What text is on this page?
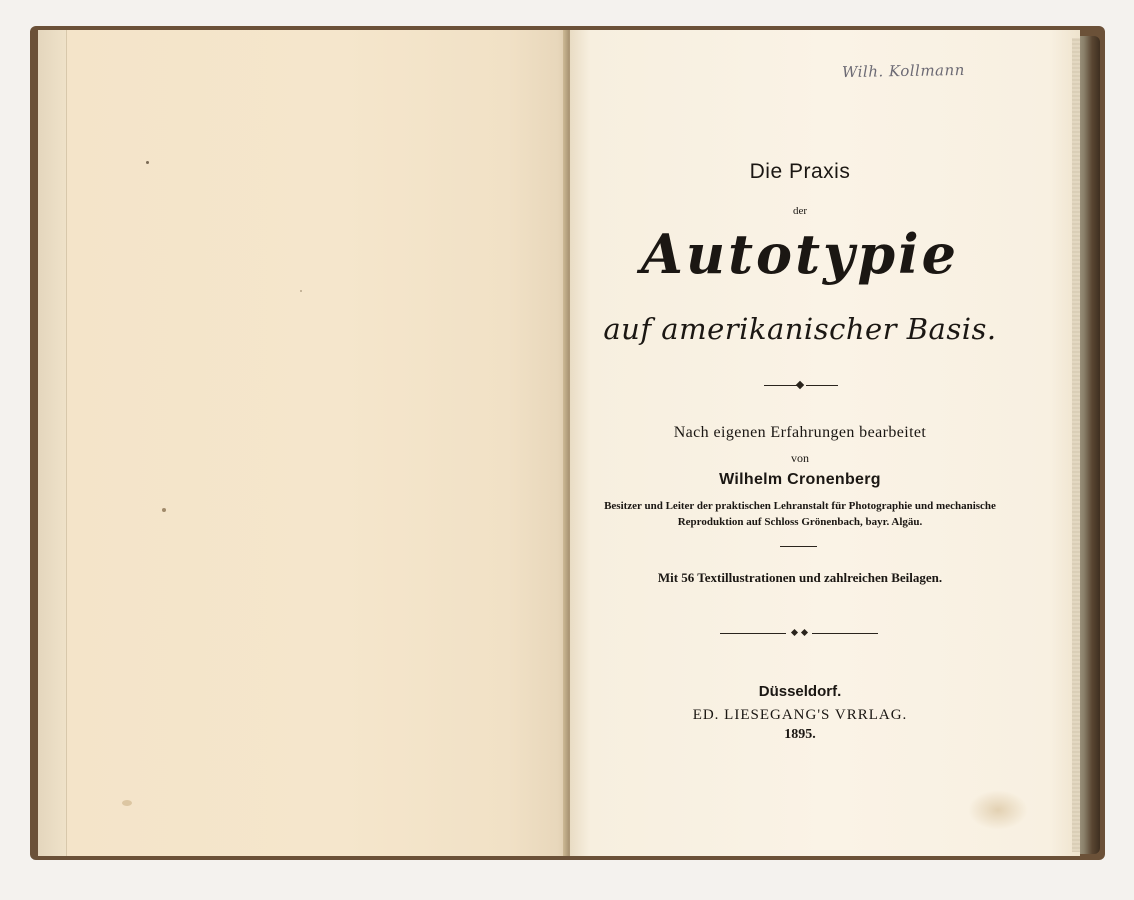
Wilh. Kollmann
Die Praxis
der
Autotypie
auf amerikanischer Basis.
Nach eigenen Erfahrungen bearbeitet
von
Wilhelm Cronenberg
Besitzer und Leiter der praktischen Lehranstalt für Photographie und mechanische Reproduktion auf Schloss Grönenbach, bayr. Algäu.
Mit 56 Textillustrationen und zahlreichen Beilagen.
Düsseldorf.
ED. LIESEGANG'S VRRLAG.
1895.
